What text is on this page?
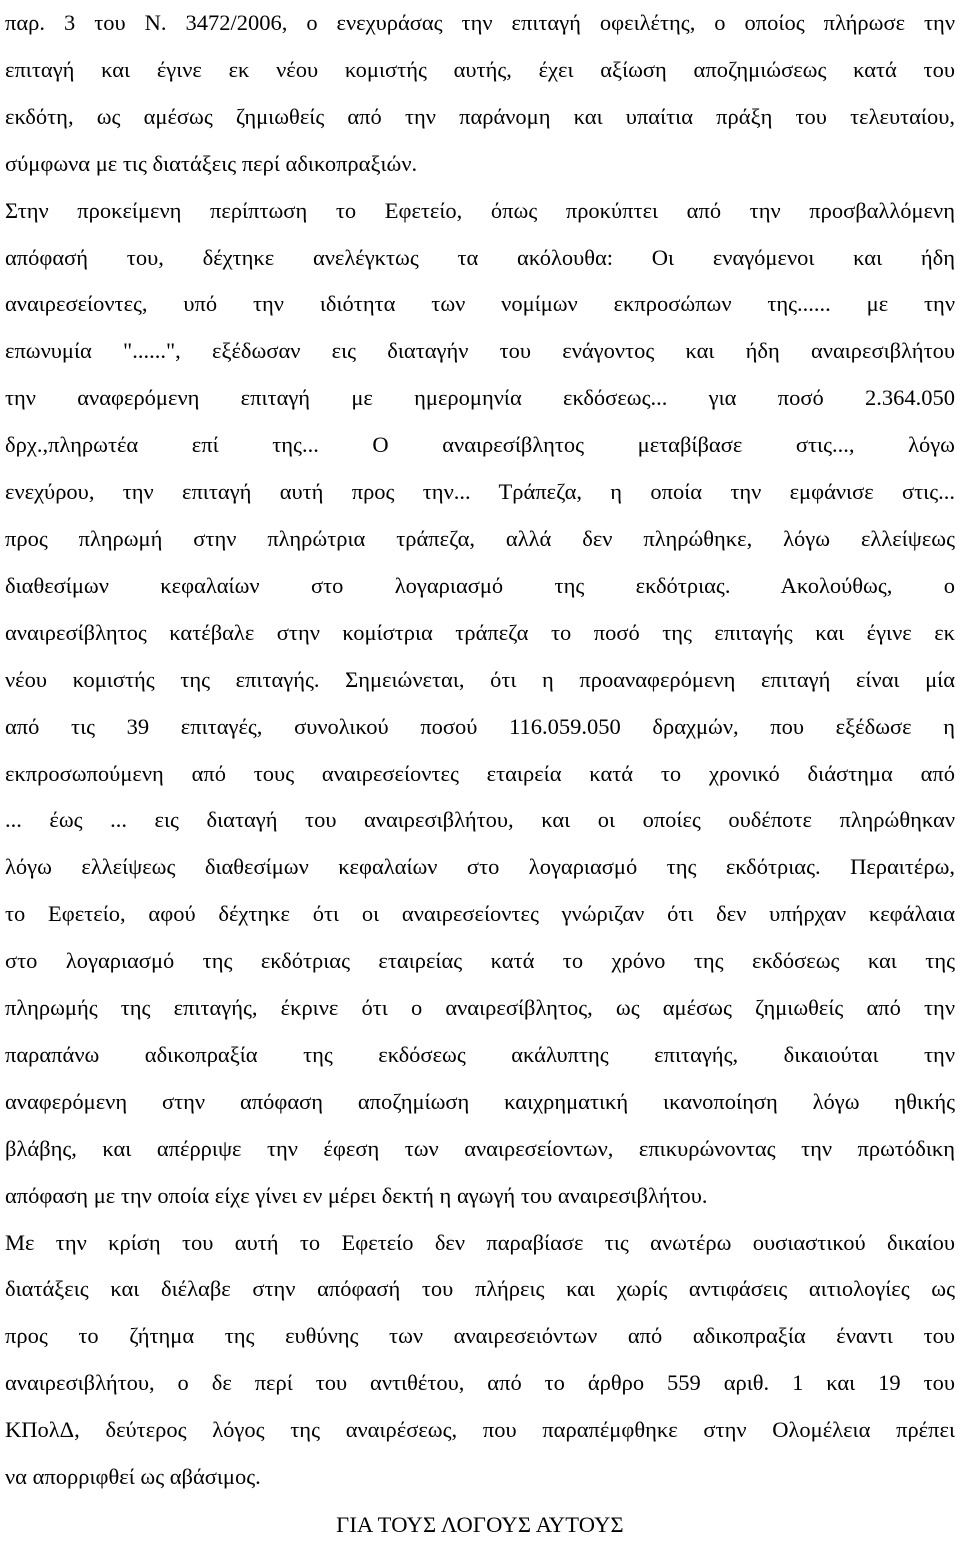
παρ. 3 του Ν. 3472/2006, ο ενεχυράσας την επιταγή οφειλέτης, ο οποίος πλήρωσε την
επιταγή και έγινε εκ νέου κομιστής αυτής, έχει αξίωση αποζημιώσεως κατά του
εκδότη, ως αμέσως ζημιωθείς από την παράνομη και υπαίτια πράξη του τελευταίου,
σύμφωνα με τις διατάξεις περί αδικοπραξιών.

Στην προκείμενη περίπτωση το Εφετείο, όπως προκύπτει από την προσβαλλόμενη
απόφασή του, δέχτηκε ανελέγκτως τα ακόλουθα: Οι εναγόμενοι και ήδη
αναιρεσείοντες, υπό την ιδιότητα των νομίμων εκπροσώπων της...... με την
επωνυμία "......", εξέδωσαν εις διαταγήν του ενάγοντος και ήδη αναιρεσιβλήτου
την αναφερόμενη επιταγή με ημερομηνία εκδόσεως... για ποσό 2.364.050
δρχ.,πληρωτέα επί της... Ο αναιρεσίβλητος μεταβίβασε στις..., λόγω
ενεχύρου, την επιταγή αυτή προς την... Τράπεζα, η οποία την εμφάνισε στις...
προς πληρωμή στην πληρώτρια τράπεζα, αλλά δεν πληρώθηκε, λόγω ελλείψεως
διαθεσίμων κεφαλαίων στο λογαριασμό της εκδότριας. Ακολούθως, ο
αναιρεσίβλητος κατέβαλε στην κομίστρια τράπεζα το ποσό της επιταγής και έγινε εκ
νέου κομιστής της επιταγής. Σημειώνεται, ότι η προαναφερόμενη επιταγή είναι μία
από τις 39 επιταγές, συνολικού ποσού 116.059.050 δραχμών, που εξέδωσε η
εκπροσωπούμενη από τους αναιρεσείοντες εταιρεία κατά το χρονικό διάστημα από
... έως ... εις διαταγή του αναιρεσιβλήτου, και οι οποίες ουδέποτε πληρώθηκαν
λόγω ελλείψεως διαθεσίμων κεφαλαίων στο λογαριασμό της εκδότριας. Περαιτέρω,
το Εφετείο, αφού δέχτηκε ότι οι αναιρεσείοντες γνώριζαν ότι δεν υπήρχαν κεφάλαια
στο λογαριασμό της εκδότριας εταιρείας κατά το χρόνο της εκδόσεως και της
πληρωμής της επιταγής, έκρινε ότι ο αναιρεσίβλητος, ως αμέσως ζημιωθείς από την
παραπάνω αδικοπραξία της εκδόσεως ακάλυπτης επιταγής, δικαιούται την
αναφερόμενη στην απόφαση αποζημίωση καιχρηματική ικανοποίηση λόγω ηθικής
βλάβης, και απέρριψε την έφεση των αναιρεσείοντων, επικυρώνοντας την πρωτόδικη
απόφαση με την οποία είχε γίνει εν μέρει δεκτή η αγωγή του αναιρεσιβλήτου.

Με την κρίση του αυτή το Εφετείο δεν παραβίασε τις ανωτέρω ουσιαστικού δικαίου
διατάξεις και διέλαβε στην απόφασή του πλήρεις και χωρίς αντιφάσεις αιτιολογίες ως
προς το ζήτημα της ευθύνης των αναιρεσειόντων από αδικοπραξία έναντι του
αναιρεσιβλήτου, ο δε περί του αντιθέτου, από το άρθρο 559 αριθ. 1 και 19 του
ΚΠολΔ, δεύτερος λόγος της αναιρέσεως, που παραπέμφθηκε στην Ολομέλεια πρέπει
να απορριφθεί ως αβάσιμος.

ΓΙΑ ΤΟΥΣ ΛΟΓΟΥΣ ΑΥΤΟΥΣ
